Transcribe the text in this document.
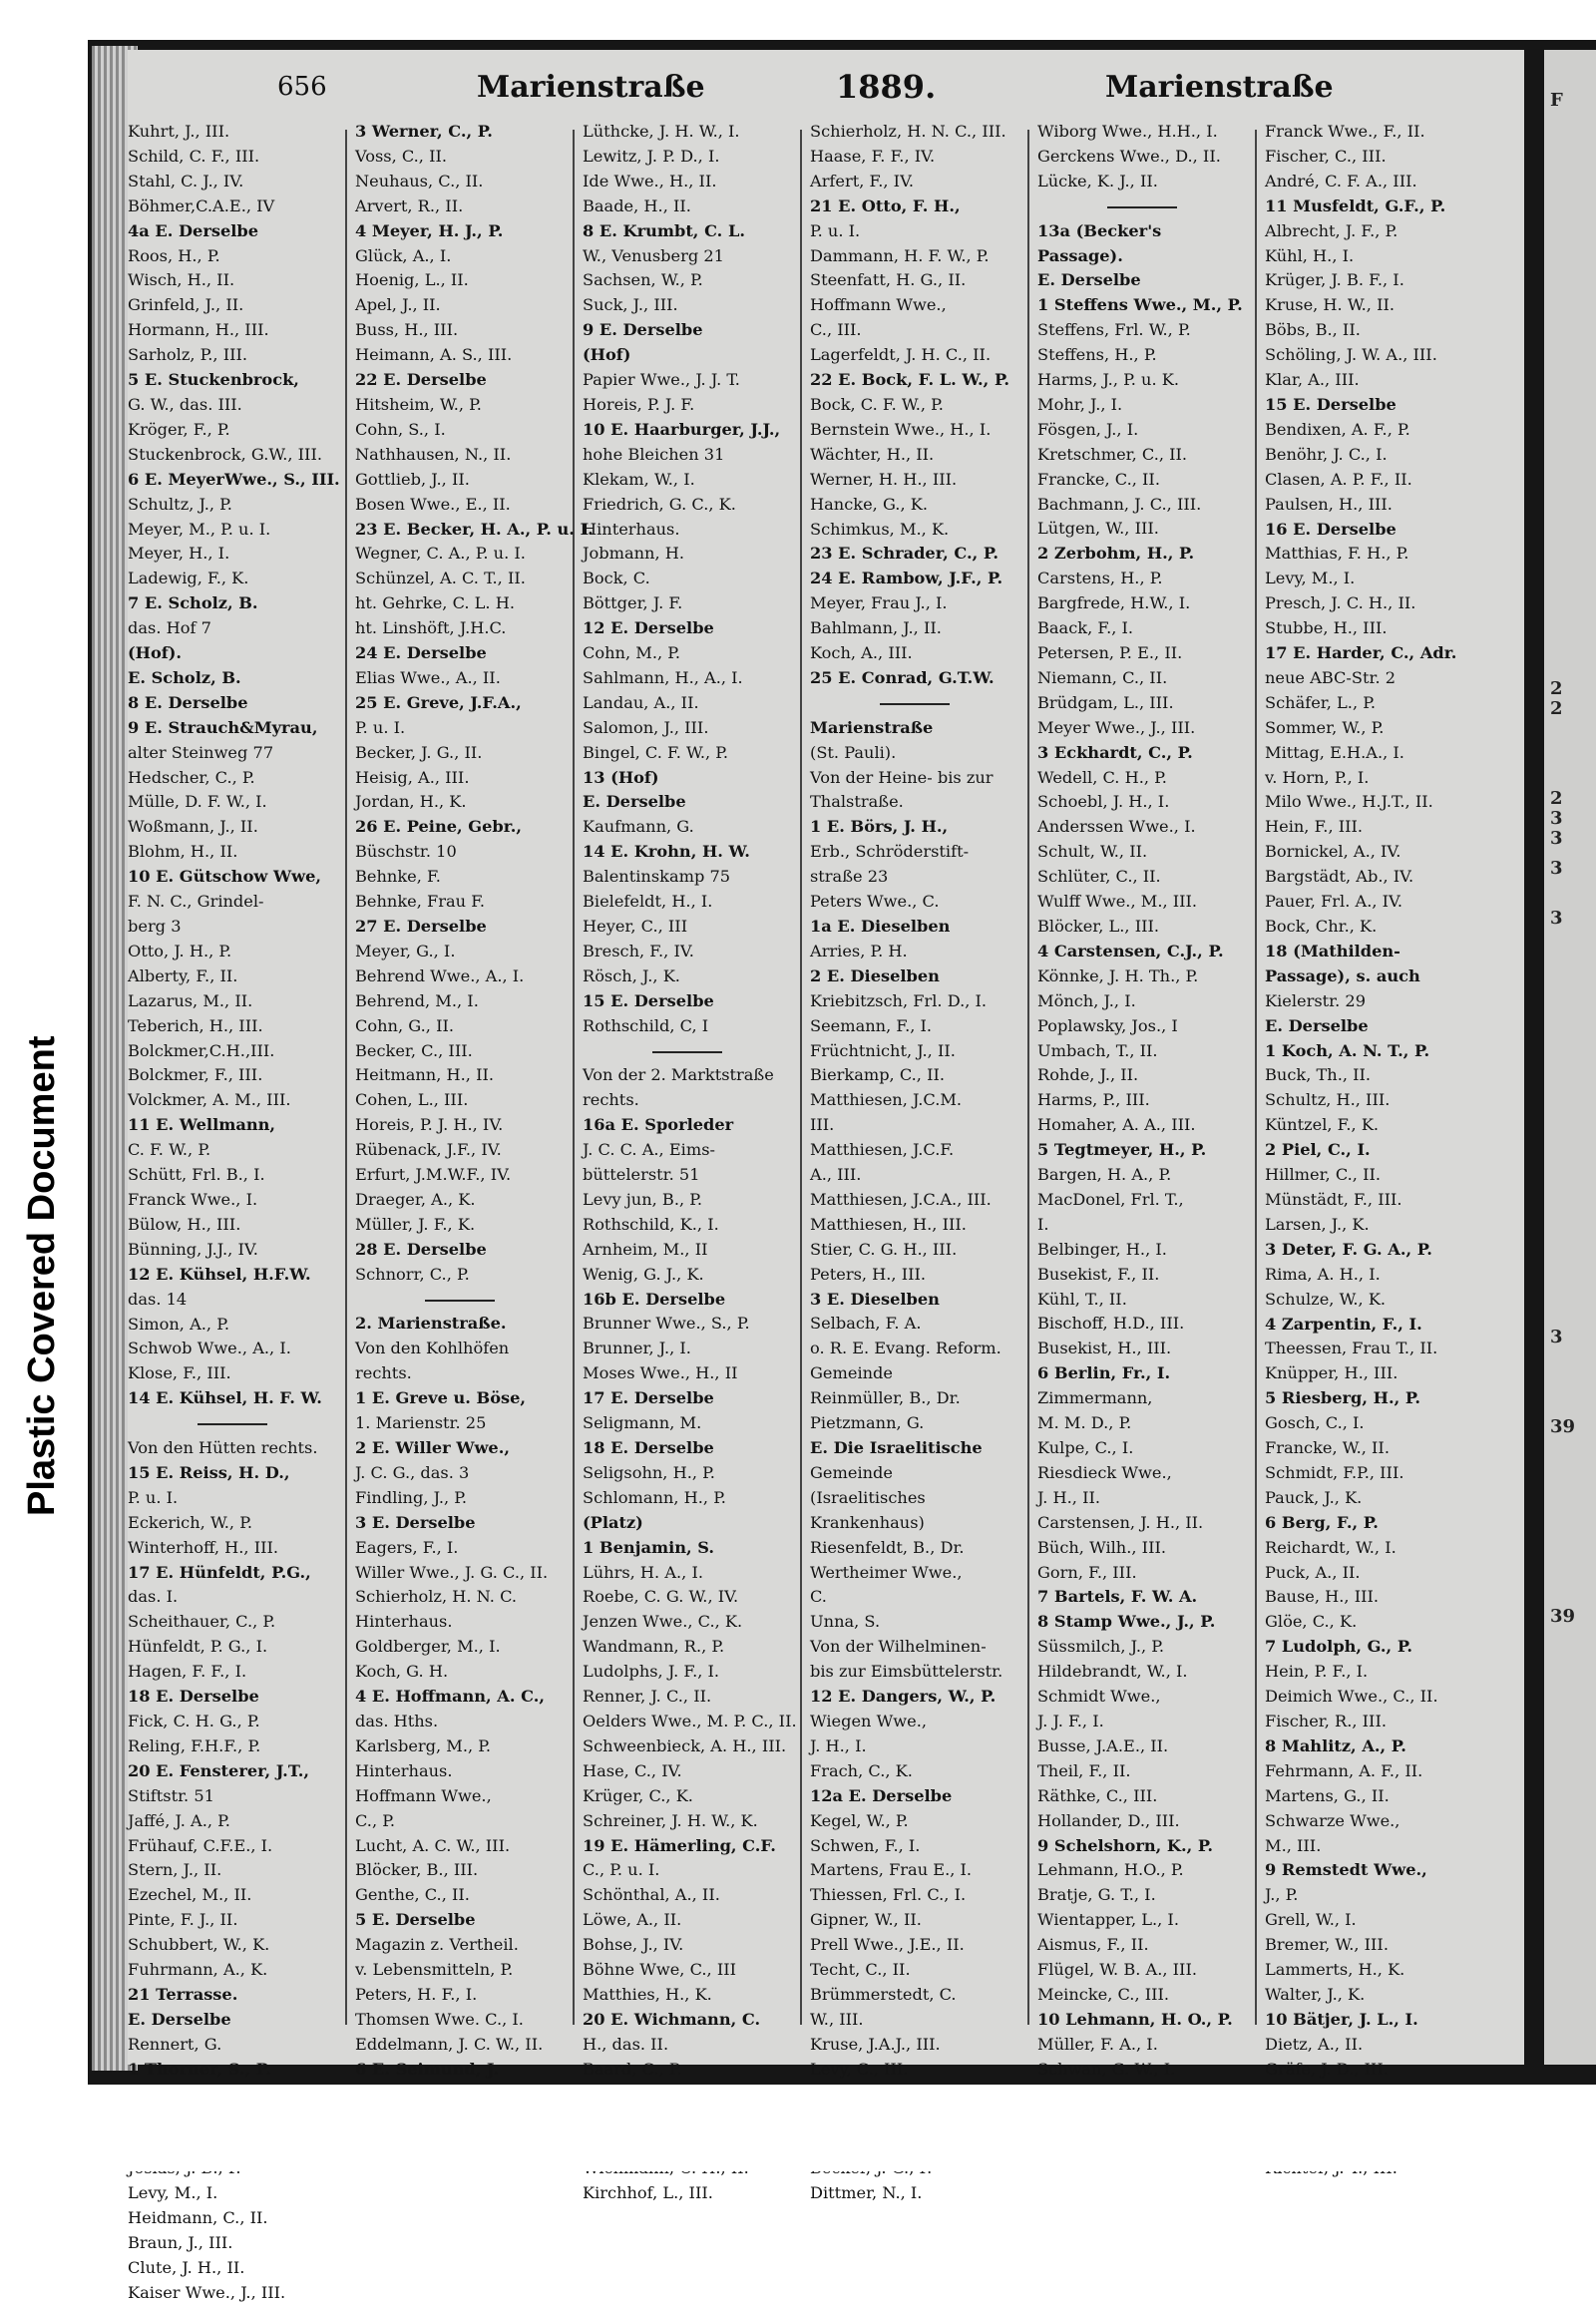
656	Marienstraße	1889.	Marienstraße
Kuhrt, J., III.
Schild, C. F., III.
Stahl, C. J., IV.
Böhmer,C.A.E., IV
4a E. Derselbe
Roos, H., P.
Wisch, H., II.
Grinfeld, J., II.
Hormann, H., III.
Sarholz, P., III.
5 E. Stuckenbrock,
G. W., das. III.
Kröger, F., P.
Stuckenbrock, G.W., III.
6 E. MeyerWwe., S., III.
Schultz, J., P.
Meyer, M., P. u. I.
Meyer, H., I.
Ladewig, F., K.
7 E. Scholz, B.
das. Hof 7
(Hof).
E. Scholz, B.
8 E. Derselbe
9 E. Strauch&Myrau,
alter Steinweg 77
Hedscher, C., P.
Mülle, D. F. W., I.
Woßmann, J., II.
Blohm, H., II.
10 E. Gütschow Wwe,
F. N. C., Grindel-
berg 3
Otto, J. H., P.
Alberty, F., II.
Lazarus, M., II.
Teberich, H., III.
Bolckmer,C.H.,III.
Bolckmer, F., III.
Volckmer, A. M., III.
11 E. Wellmann,
C. F. W., P.
Schütt, Frl. B., I.
Franck Wwe., I.
Bülow, H., III.
Bünning, J.J., IV.
12 E. Kühsel, H.F.W.
das. 14
Simon, A., P.
Schwob Wwe., A., I.
Klose, F., III.
14 E. Kühsel, H. F. W.
Von den Hütten rechts.
15 E. Reiss, H. D.,
P. u. I.
Eckerich, W., P.
Winterhoff, H., III.
17 E. Hünfeldt, P.G.,
das. I.
Scheithauer, C., P.
Hünfeldt, P. G., I.
Hagen, F. F., I.
18 E. Derselbe
Fick, C. H. G., P.
Reling, F.H.F., P.
20 E. Fensterer, J.T.,
Stiftstr. 51
Jaffé, J. A., P.
Frühauf, C.F.E., I.
Stern, J., II.
Ezechel, M., II.
Pinte, F. J., II.
Schubbert, W., K.
Fuhrmann, A., K.
21 Terrasse.
E. Derselbe
Rennert, G.
1 Thorner, S., P.
Levy, M., I.
Heidmann, C., II.
Braun, J., III.
Clute, J. H., II.
Kaiser Wwe., J., III.
3 Werner, C., P.
Voss, C., II.
Neuhaus, C., II.
Arvert, R., II.
4 Meyer, H. J., P.
Glück, A., I.
Hoenig, L., II.
Apel, J., II.
Buss, H., III.
Heimann, A. S., III.
22 E. Derselbe
Hitsheim, W., P.
Cohn, S., I.
Nathhausen, N., II.
Gottlieb, J., II.
Bosen Wwe., E., II.
23 E. Becker, H. A., P. u. I.
Wegner, C. A., P. u. I.
Schünzel, A. C. T., II.
ht. Gehrke, C. L. H.
ht. Linshöft, J.H.C.
24 E. Derselbe
Elias Wwe., A., II.
25 E. Greve, J.F.A.,
P. u. I.
Becker, J. G., II.
Heisig, A., III.
Jordan, H., K.
26 E. Peine, Gebr.,
Büschstr. 10
Behnke, F.
Behnke, Frau F.
27 E. Derselbe
Meyer, G., I.
Behrend Wwe., A., I.
Behrend, M., I.
Cohn, G., II.
Becker, C., III.
Heitmann, H., II.
Cohen, L., III.
Horeis, P. J. H., IV.
Rübenack, J.F., IV.
Erfurt, J.M.W.F., IV.
Draeger, A., K.
Müller, J. F., K.
28 E. Derselbe
Schnorr, C., P.
2. Marienstraße.
Von den Kohlhöfen
rechts.
1 E. Greve u. Böse,
1. Marienstr. 25
2 E. Willer Wwe.,
J. C. G., das. 3
Findling, J., P.
3 E. Derselbe
Eagers, F., I.
Willer Wwe., J. G. C., II.
Schierholz, H. N. C.
Hinterhaus.
Goldberger, M., I.
Koch, G. H.
4 E. Hoffmann, A. C.,
das. Hths.
Karlsberg, M., P.
Hinterhaus.
Hoffmann Wwe.,
C., P.
Lucht, A. C. W., III.
Blöcker, B., III.
Genthe, C., II.
5 E. Derselbe
Magazin z. Vertheil.
v. Lebensmitteln, P.
Peters, H. F., I.
Thomsen Wwe. C., I.
Eddelmann, J. C. W., II.
6 E. Seimund, J.
Lüthcke, J. H. W., I.
Lewitz, J. P. D., I.
Ide Wwe., H., II.
Baade, H., II.
8 E. Krumbt, C. L.
W., Venusberg 21
Sachsen, W., P.
Suck, J., III.
9 E. Derselbe
(Hof)
Papier Wwe., J. J. T.
Horeis, P. J. F.
10 E. Haarburger, J.J.,
hohe Bleichen 31
Klekam, W., I.
Friedrich, G. C., K.
Hinterhaus.
Jobmann, H.
Bock, C.
Böttger, J. F.
12 E. Derselbe
Cohn, M., P.
Sahlmann, H., A., I.
Landau, A., II.
Salomon, J., III.
Bingel, C. F. W., P.
13 (Hof)
E. Derselbe
Kaufmann, G.
14 E. Krohn, H. W.
Balentinskamp 75
Bielefeldt, H., I.
Heyer, C., III
Bresch, F., IV.
Rösch, J., K.
15 E. Derselbe
Rothschild, C, I
Von der 2. Marktstraße
rechts.
16a E. Sporleder
J. C. C. A., Eims-
büttelerstr. 51
Levy jun, B., P.
Rothschild, K., I.
Arnheim, M., II
Wenig, G. J., K.
16b E. Derselbe
Brunner Wwe., S., P.
Brunner, J., I.
Moses Wwe., H., II
17 E. Derselbe
Seligmann, M.
18 E. Derselbe
Seligsohn, H., P.
Schlomann, H., P.
(Platz)
1 Benjamin, S.
Lührs, H. A., I.
Roebe, C. G. W., IV.
Jenzen Wwe., C., K.
Wandmann, R., P.
Ludolphs, J. F., I.
Renner, J. C., II.
Oelders Wwe., M. P. C., II.
Schweenbieck, A. H., III.
Hase, C., IV.
Krüger, C., K.
Schreiner, J. H. W., K.
19 E. Hämerling, C.F.
C., P. u. I.
Schönthal, A., II.
Löwe, A., II.
Bohse, J., IV.
Böhne Wwe, C., III
Matthies, H., K.
20 E. Wichmann, C.
H., das. II.
Baard, C., P.
Kirchhof, L., III.
Schierholz, H. N. C., III.
Haase, F. F., IV.
Arfert, F., IV.
21 E. Otto, F. H.,
P. u. I.
Dammann, H. F. W., P.
Steenfatt, H. G., II.
Hoffmann Wwe.,
C., III.
Lagerfeldt, J. H. C., II.
22 E. Bock, F. L. W., P.
Bock, C. F. W., P.
Bernstein Wwe., H., I.
Wächter, H., II.
Werner, H. H., III.
Hancke, G., K.
Schimkus, M., K.
23 E. Schrader, C., P.
24 E. Rambow, J.F., P.
Meyer, Frau J., I.
Bahlmann, J., II.
Koch, A., III.
25 E. Conrad, G.T.W.
Marienstraße
(St. Pauli).
Von der Heine- bis zur
Thalstraße.
1 E. Börs, J. H.,
Erb., Schröderstift-
straße 23
Peters Wwe., C.
1a E. Dieselben
Arries, P. H.
2 E. Dieselben
Kriebitzsch, Frl. D., I.
Seemann, F., I.
Früchtnicht, J., II.
Bierkamp, C., II.
Matthiesen, J.C.M.
III.
Matthiesen, J.C.F.
A., III.
Matthiesen, J.C.A., III.
Matthiesen, H., III.
Stier, C. G. H., III.
Peters, H., III.
3 E. Dieselben
Selbach, F. A.
o. R. E. Evang. Reform.
Gemeinde
Reinmüller, B., Dr.
Pietzmann, G.
E. Die Israelitische
Gemeinde
(Israelitisches
Krankenhaus)
Riesenfeldt, B., Dr.
Wertheimer Wwe.,
C.
Unna, S.
Von der Wilhelminen-
bis zur Eimsbüttelerstr.
12 E. Dangers, W., P.
Wiegen Wwe.,
J. H., I.
Frach, C., K.
12a E. Derselbe
Kegel, W., P.
Schwen, F., I.
Martens, Frau E., I.
Thiessen, Frl. C., I.
Gipner, W., II.
Prell Wwe., J.E., II.
Techt, C., II.
Brümmerstedt, C.
W., III.
Kruse, J.A.J., III.
Levy, C., III.
Dittmer, N., I.
Wiborg Wwe., H.H., I.
Gerckens Wwe., D., II.
Lücke, K. J., II.
13a (Becker's
Passage).
E. Derselbe
1 Steffens Wwe., M., P.
Steffens, Frl. W., P.
Steffens, H., P.
Harms, J., P. u. K.
Mohr, J., I.
Fösgen, J., I.
Kretschmer, C., II.
Francke, C., II.
Bachmann, J. C., III.
Lütgen, W., III.
2 Zerbohm, H., P.
Carstens, H., P.
Bargfrede, H.W., I.
Baack, F., I.
Petersen, P. E., II.
Niemann, C., II.
Brüdgam, L., III.
Meyer Wwe., J., III.
3 Eckhardt, C., P.
Wedell, C. H., P.
Schoebl, J. H., I.
Anderssen Wwe., I.
Schult, W., II.
Schlüter, C., II.
Wulff Wwe., M., III.
Blöcker, L., III.
4 Carstensen, C.J., P.
Könnke, J. H. Th., P.
Mönch, J., I.
Poplawsky, Jos., I
Umbach, T., II.
Rohde, J., II.
Harms, P., III.
Homaher, A. A., III.
5 Tegtmeyer, H., P.
Bargen, H. A., P.
MacDonel, Frl. T.,
I.
Belbinger, H., I.
Busekist, F., II.
Kühl, T., II.
Bischoff, H.D., III.
Busekist, H., III.
6 Berlin, Fr., I.
Zimmermann,
M. M. D., P.
Kulpe, C., I.
Riesdieck Wwe.,
J. H., II.
Carstensen, J. H., II.
Büch, Wilh., III.
Gorn, F., III.
7 Bartels, F. W. A.
8 Stamp Wwe., J., P.
Süssmilch, J., P.
Hildebrandt, W., I.
Schmidt Wwe.,
J. J. F., I.
Busse, J.A.E., II.
Theil, F., II.
Räthke, C., III.
Hollander, D., III.
9 Schelshorn, K., P.
Lehmann, H.O., P.
Bratje, G. T., I.
Wientapper, L., I.
Aismus, F., II.
Flügel, W. B. A., III.
Meincke, C., III.
10 Lehmann, H. O., P.
Müller, F. A., I.
Schwan, G. W., I.
Franck Wwe., F., II.
Fischer, C., III.
André, C. F. A., III.
11 Musfeldt, G.F., P.
Albrecht, J. F., P.
Kühl, H., I.
Krüger, J. B. F., I.
Kruse, H. W., II.
Böbs, B., II.
Schöling, J. W. A., III.
Klar, A., III.
15 E. Derselbe
Bendixen, A. F., P.
Benöhr, J. C., I.
Clasen, A. P. F., II.
Paulsen, H., III.
16 E. Derselbe
Matthias, F. H., P.
Levy, M., I.
Presch, J. C. H., II.
Stubbe, H., III.
17 E. Harder, C., Adr.
neue ABC-Str. 2
Schäfer, L., P.
Sommer, W., P.
Mittag, E.H.A., I.
v. Horn, P., I.
Milo Wwe., H.J.T., II.
Hein, F., III.
Bornickel, A., IV.
Bargstädt, Ab., IV.
Pauer, Frl. A., IV.
Bock, Chr., K.
18 (Mathilden-
Passage), s. auch
Kielerstr. 29
E. Derselbe
1 Koch, A. N. T., P.
Buck, Th., II.
Schultz, H., III.
Küntzel, F., K.
2 Piel, C., I.
Hillmer, C., II.
Münstädt, F., III.
Larsen, J., K.
3 Deter, F. G. A., P.
Rima, A. H., I.
Schulze, W., K.
4 Zarpentin, F., I.
Theessen, Frau T., II.
Knüpper, H., III.
5 Riesberg, H., P.
Gosch, C., I.
Francke, W., II.
Schmidt, F.P., III.
Pauck, J., K.
6 Berg, F., P.
Reichardt, W., I.
Puck, A., II.
Bause, H., III.
Glöe, C., K.
7 Ludolph, G., P.
Hein, P. F., I.
Deimich Wwe., C., II.
Fischer, R., III.
8 Mahlitz, A., P.
Fehrmann, A. F., II.
Martens, G., II.
Schwarze Wwe.,
M., III.
9 Remstedt Wwe.,
J., P.
Grell, W., I.
Bremer, W., III.
Lammerts, H., K.
Walter, J., K.
10 Bätjer, J. L., I.
Dietz, A., II.
Gräfe, J. D., III.
F
2
2
2
3
3
3
3
3
39
39
Plastic Covered Document
